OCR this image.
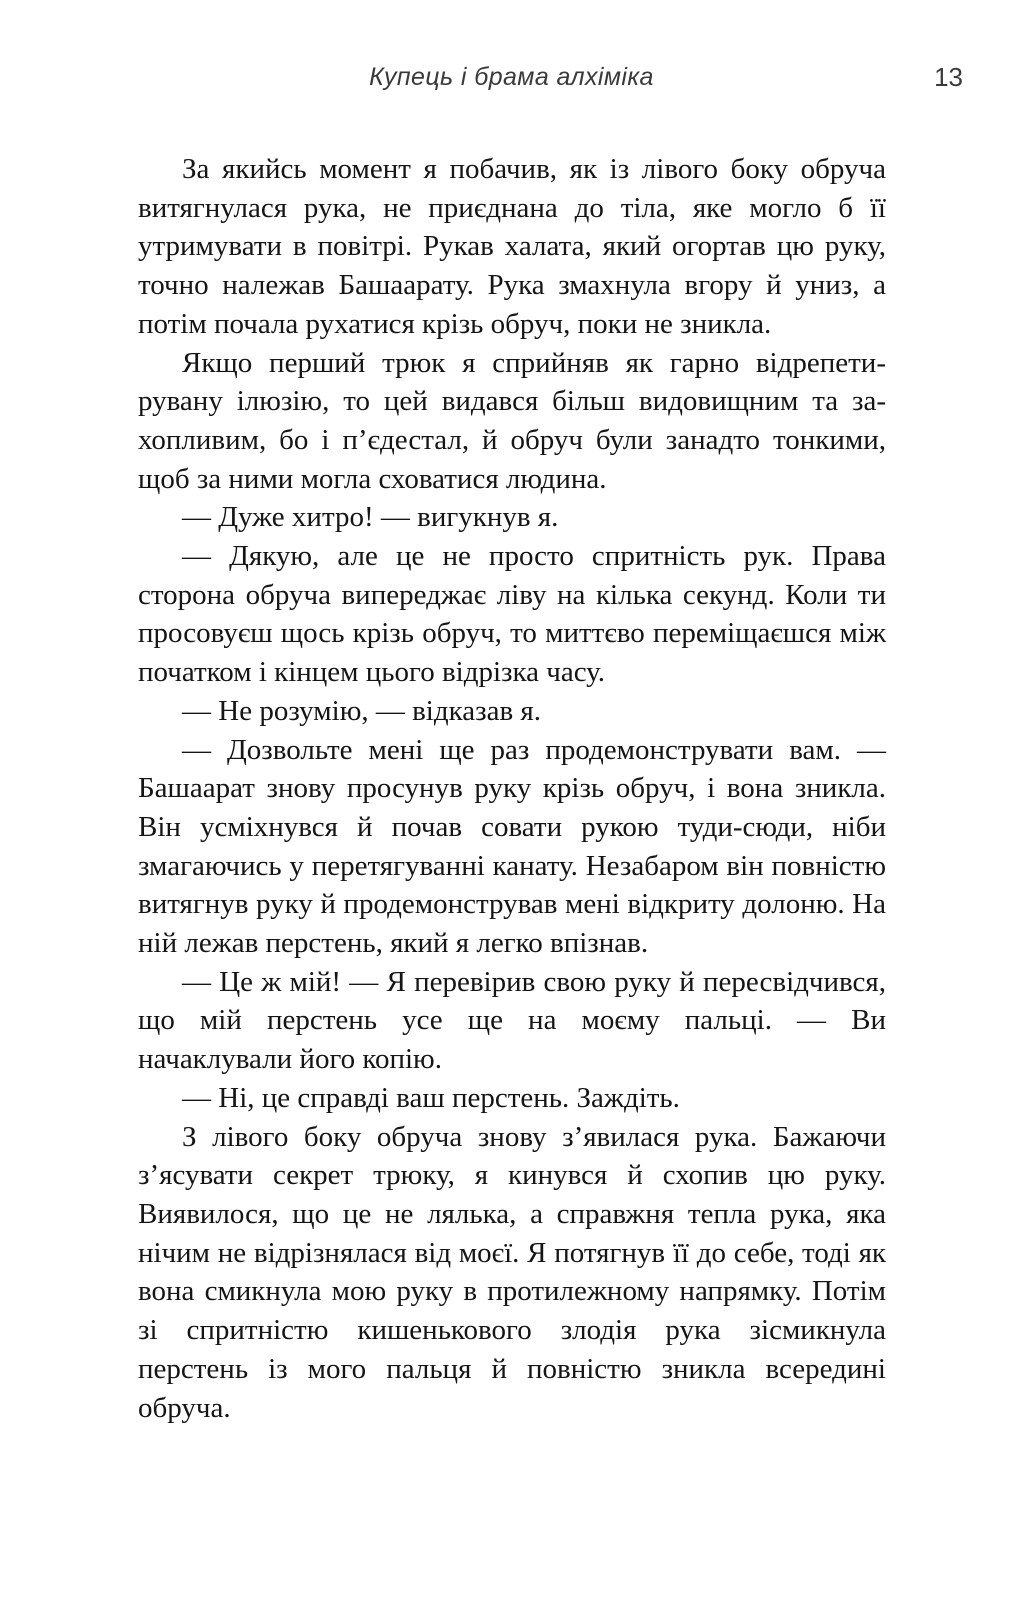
Купець і брама алхіміка	13

За якийсь момент я побачив, як із лівого боку обруча витягнулася рука, не приєднана до тіла, яке могло б її утримувати в повітрі. Рукав халата, який огортав цю руку, точно належав Башаарату. Рука змахнула вгору й униз, а потім почала рухатися крізь обруч, поки не зникла.

Якщо перший трюк я сприйняв як гарно відрепетирувану ілюзію, то цей видався більш видовищним та захопливим, бо і п’єдестал, й обруч були занадто тонкими, щоб за ними могла сховатися людина.

— Дуже хитро! — вигукнув я.

— Дякую, але це не просто спритність рук. Права сторона обруча випереджає ліву на кілька секунд. Коли ти просовуєш щось крізь обруч, то миттєво переміщаєшся між початком і кінцем цього відрізка часу.

— Не розумію, — відказав я.

— Дозвольте мені ще раз продемонструвати вам. — Башаарат знову просунув руку крізь обруч, і вона зникла. Він усміхнувся й почав совати рукою туди-сюди, ніби змагаючись у перетягуванні канату. Незабаром він повністю витягнув руку й продемонстрував мені відкриту долоню. На ній лежав перстень, який я легко впізнав.

— Це ж мій! — Я перевірив свою руку й пересвідчився, що мій перстень усе ще на моєму пальці. — Ви начаклували його копію.

— Ні, це справді ваш перстень. Заждіть.

З лівого боку обруча знову з’явилася рука. Бажаючи з’ясувати секрет трюку, я кинувся й схопив цю руку. Виявилося, що це не лялька, а справжня тепла рука, яка нічим не відрізнялася від моєї. Я потягнув її до себе, тоді як вона смикнула мою руку в протилежному напрямку. Потім зі спритністю кишенькового злодія рука зісмикнула перстень із мого пальця й повністю зникла всередині обруча.
